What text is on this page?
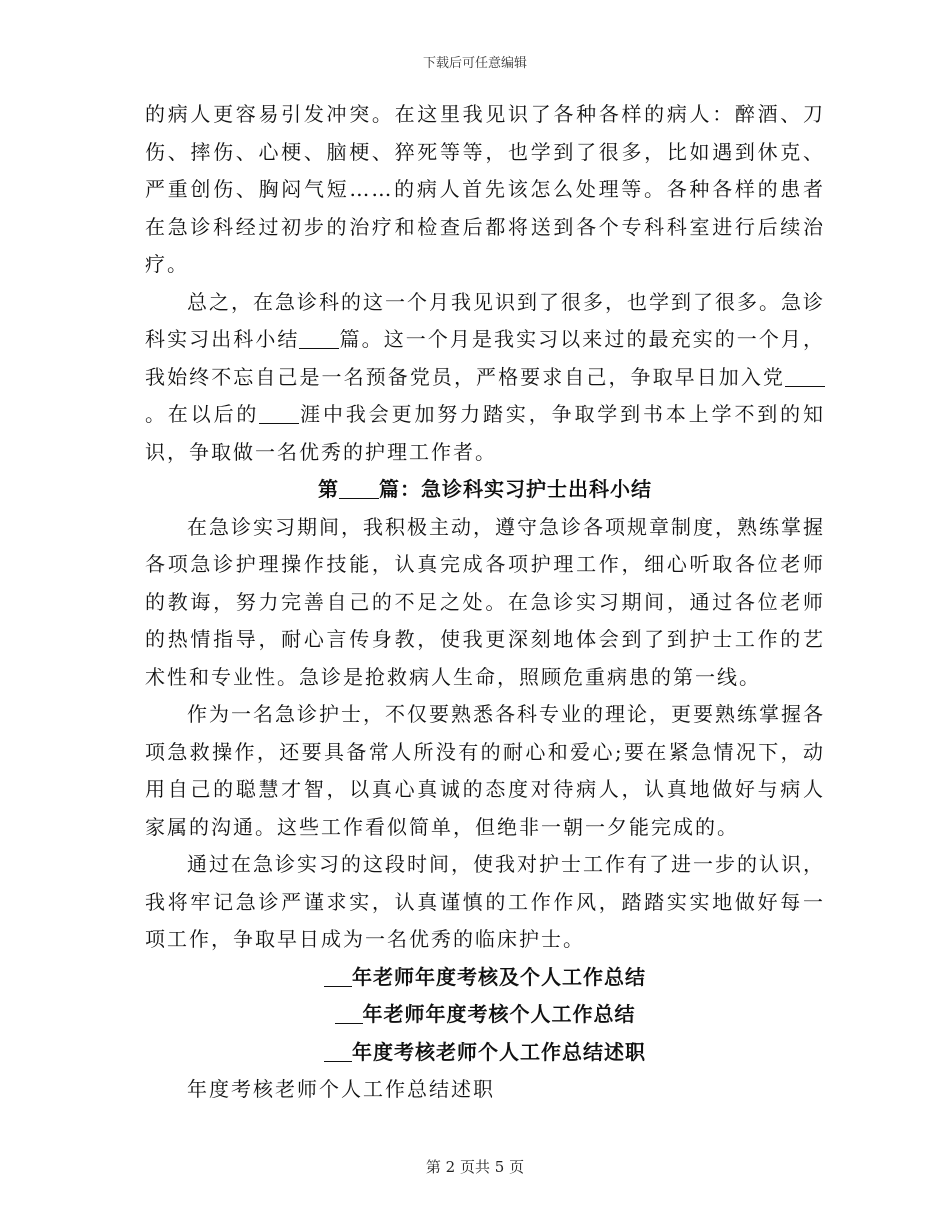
下载后可任意编辑

的病人更容易引发冲突。在这里我见识了各种各样的病人：醉酒、刀伤、摔伤、心梗、脑梗、猝死等等，也学到了很多，比如遇到休克、严重创伤、胸闷气短……的病人首先该怎么处理等。各种各样的患者在急诊科经过初步的治疗和检查后都将送到各个专科科室进行后续治疗。

总之，在急诊科的这一个月我见识到了很多，也学到了很多。急诊科实习出科小结 篇。这一个月是我实习以来过的最充实的一个月，我始终不忘自己是一名预备党员，严格要求自己，争取早日加入党。在以后的 涯中我会更加努力踏实，争取学到书本上学不到的知识，争取做一名优秀的护理工作者。

第 篇：急诊科实习护士出科小结

在急诊实习期间，我积极主动，遵守急诊各项规章制度，熟练掌握各项急诊护理操作技能，认真完成各项护理工作，细心听取各位老师的教诲，努力完善自己的不足之处。在急诊实习期间，通过各位老师的热情指导，耐心言传身教，使我更深刻地体会到了到护士工作的艺术性和专业性。急诊是抢救病人生命，照顾危重病患的第一线。

作为一名急诊护士，不仅要熟悉各科专业的理论，更要熟练掌握各项急救操作，还要具备常人所没有的耐心和爱心;要在紧急情况下，动用自己的聪慧才智，以真心真诚的态度对待病人，认真地做好与病人家属的沟通。这些工作看似简单，但绝非一朝一夕能完成的。

通过在急诊实习的这段时间，使我对护士工作有了进一步的认识，我将牢记急诊严谨求实，认真谨慎的工作作风，踏踏实实地做好每一项工作，争取早日成为一名优秀的临床护士。

年老师年度考核及个人工作总结

年老师年度考核个人工作总结

年度考核老师个人工作总结述职

年度考核老师个人工作总结述职

第 2 页共 5 页
